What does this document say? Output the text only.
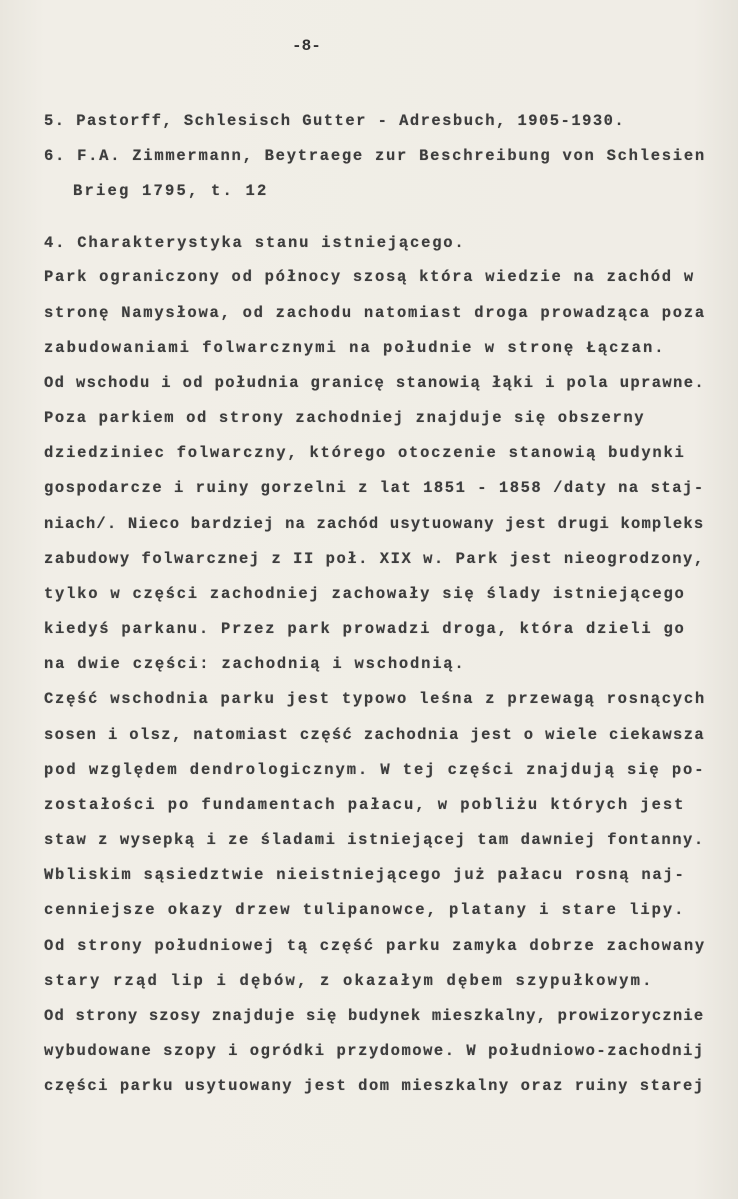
-8-
5. Pastorff, Schlesisch Gutter - Adresbuch, 1905-1930.
6. F.A. Zimmermann, Beytraege zur Beschreibung von Schlesien
Brieg 1795, t. 12
4. Charakterystyka stanu istniejącego.
Park ograniczony od północy szosą która wiedzie na zachód w
stronę Namysłowa, od zachodu natomiast droga prowadząca poza
zabudowaniami folwarcznymi na południe w stronę Łączan.
Od wschodu i od południa granicę stanowią łąki i pola uprawne.
Poza parkiem od strony zachodniej znajduje się obszerny
dziedziniec folwarczny, którego otoczenie stanowią budynki
gospodarcze i ruiny gorzelni z lat 1851 - 1858 /daty na staj-
niach/. Nieco bardziej na zachód usytuowany jest drugi kompleks
zabudowy folwarcznej z II poł. XIX w. Park jest nieogrodzony,
tylko w części zachodniej zachowały się ślady istniejącego
kiedyś parkanu. Przez park prowadzi droga, która dzieli go
na dwie części: zachodnią i wschodnią.
Część wschodnia parku jest typowo leśna z przewagą rosnących
sosen i olsz, natomiast część zachodnia jest o wiele ciekawsza
pod względem dendrologicznym. W tej części znajdują się po-
zostałości po fundamentach pałacu, w pobliżu których jest
staw z wysepką i ze śladami istniejącej tam dawniej fontanny.
Wbliskim sąsiedztwie nieistniejącego już pałacu rosną naj-
cenniejsze okazy drzew tulipanowce, platany i stare lipy.
Od strony południowej tą część parku zamyka dobrze zachowany
stary rząd lip i dębów, z okazałym dębem szypułkowym.
Od strony szosy znajduje się budynek mieszkalny, prowizorycznie
wybudowane szopy i ogródki przydomowe. W południowo-zachodnij
części parku usytuowany jest dom mieszkalny oraz ruiny starej
